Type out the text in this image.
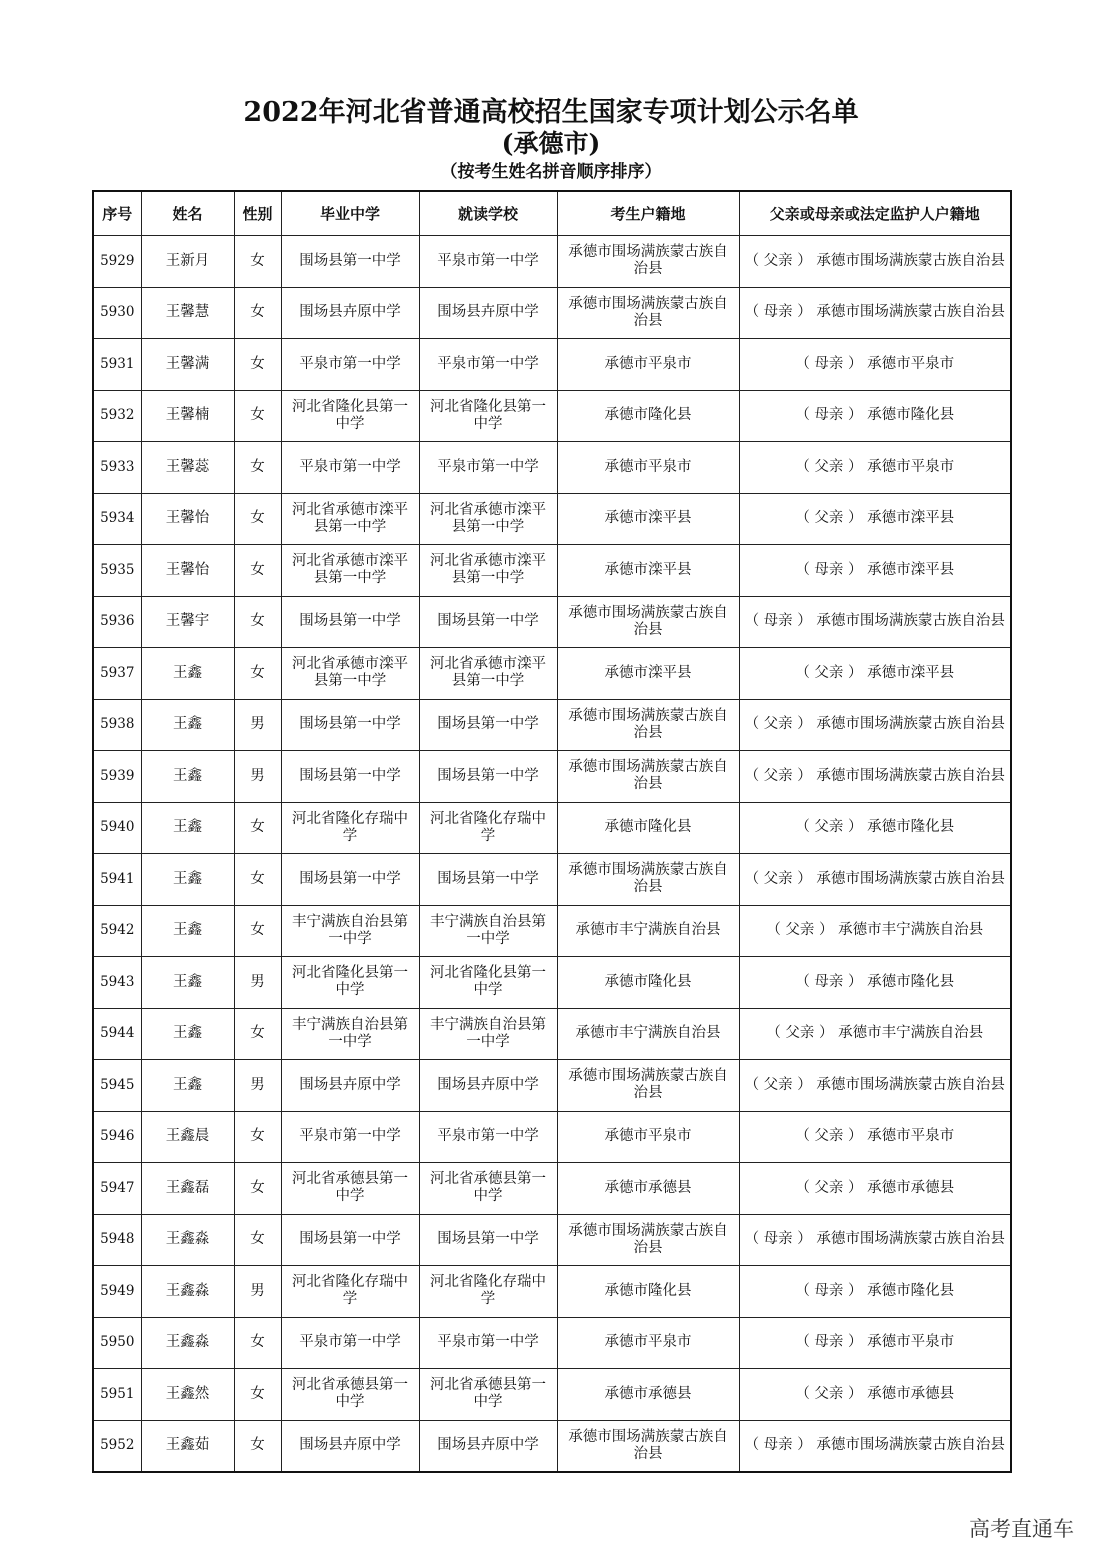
2022年河北省普通高校招生国家专项计划公示名单
(承德市)
（按考生姓名拼音顺序排序）
序号	姓名	性别	毕业中学	就读学校	考生户籍地	父亲或母亲或法定监护人户籍地
5929	王新月	女	围场县第一中学	平泉市第一中学	承德市围场满族蒙古族自治县	（ 父亲 ） 承德市围场满族蒙古族自治县
5930	王馨慧	女	围场县卉原中学	围场县卉原中学	承德市围场满族蒙古族自治县	（ 母亲 ） 承德市围场满族蒙古族自治县
5931	王馨满	女	平泉市第一中学	平泉市第一中学	承德市平泉市	（ 母亲 ） 承德市平泉市
5932	王馨楠	女	河北省隆化县第一中学	河北省隆化县第一中学	承德市隆化县	（ 母亲 ） 承德市隆化县
5933	王馨蕊	女	平泉市第一中学	平泉市第一中学	承德市平泉市	（ 父亲 ） 承德市平泉市
5934	王馨怡	女	河北省承德市滦平县第一中学	河北省承德市滦平县第一中学	承德市滦平县	（ 父亲 ） 承德市滦平县
5935	王馨怡	女	河北省承德市滦平县第一中学	河北省承德市滦平县第一中学	承德市滦平县	（ 母亲 ） 承德市滦平县
5936	王馨宇	女	围场县第一中学	围场县第一中学	承德市围场满族蒙古族自治县	（ 母亲 ） 承德市围场满族蒙古族自治县
5937	王鑫	女	河北省承德市滦平县第一中学	河北省承德市滦平县第一中学	承德市滦平县	（ 父亲 ） 承德市滦平县
5938	王鑫	男	围场县第一中学	围场县第一中学	承德市围场满族蒙古族自治县	（ 父亲 ） 承德市围场满族蒙古族自治县
5939	王鑫	男	围场县第一中学	围场县第一中学	承德市围场满族蒙古族自治县	（ 父亲 ） 承德市围场满族蒙古族自治县
5940	王鑫	女	河北省隆化存瑞中学	河北省隆化存瑞中学	承德市隆化县	（ 父亲 ） 承德市隆化县
5941	王鑫	女	围场县第一中学	围场县第一中学	承德市围场满族蒙古族自治县	（ 父亲 ） 承德市围场满族蒙古族自治县
5942	王鑫	女	丰宁满族自治县第一中学	丰宁满族自治县第一中学	承德市丰宁满族自治县	（ 父亲 ） 承德市丰宁满族自治县
5943	王鑫	男	河北省隆化县第一中学	河北省隆化县第一中学	承德市隆化县	（ 母亲 ） 承德市隆化县
5944	王鑫	女	丰宁满族自治县第一中学	丰宁满族自治县第一中学	承德市丰宁满族自治县	（ 父亲 ） 承德市丰宁满族自治县
5945	王鑫	男	围场县卉原中学	围场县卉原中学	承德市围场满族蒙古族自治县	（ 父亲 ） 承德市围场满族蒙古族自治县
5946	王鑫晨	女	平泉市第一中学	平泉市第一中学	承德市平泉市	（ 父亲 ） 承德市平泉市
5947	王鑫磊	女	河北省承德县第一中学	河北省承德县第一中学	承德市承德县	（ 父亲 ） 承德市承德县
5948	王鑫淼	女	围场县第一中学	围场县第一中学	承德市围场满族蒙古族自治县	（ 母亲 ） 承德市围场满族蒙古族自治县
5949	王鑫淼	男	河北省隆化存瑞中学	河北省隆化存瑞中学	承德市隆化县	（ 母亲 ） 承德市隆化县
5950	王鑫淼	女	平泉市第一中学	平泉市第一中学	承德市平泉市	（ 母亲 ） 承德市平泉市
5951	王鑫然	女	河北省承德县第一中学	河北省承德县第一中学	承德市承德县	（ 父亲 ） 承德市承德县
5952	王鑫茹	女	围场县卉原中学	围场县卉原中学	承德市围场满族蒙古族自治县	（ 母亲 ） 承德市围场满族蒙古族自治县
高考直通车
